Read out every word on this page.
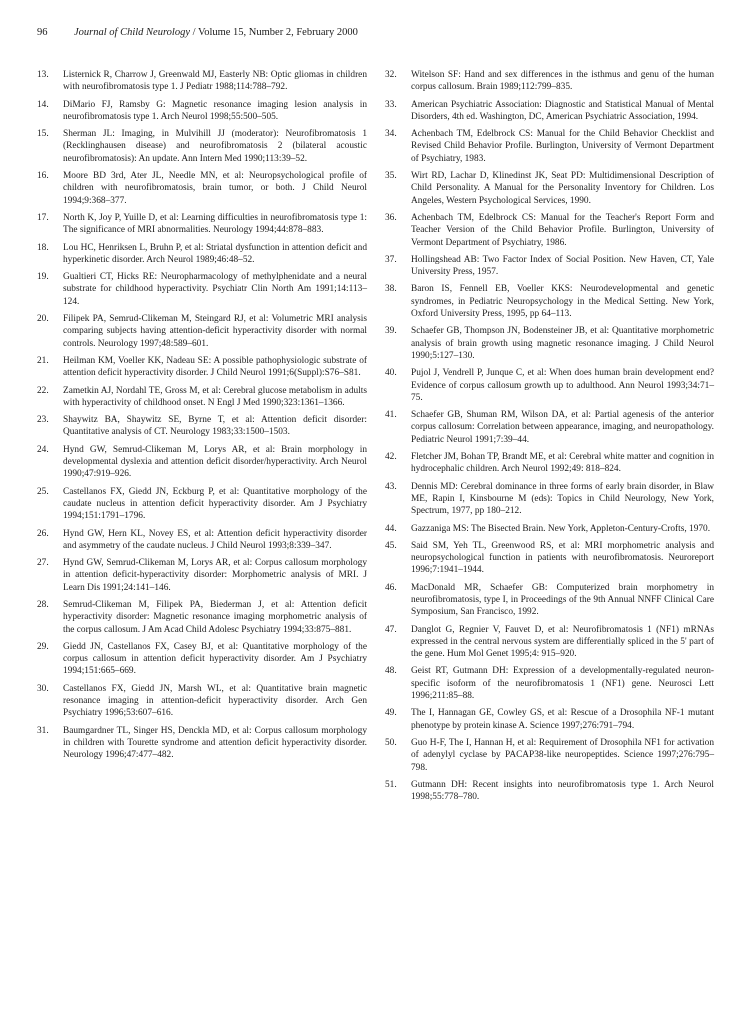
96	Journal of Child Neurology / Volume 15, Number 2, February 2000
13.	Listernick R, Charrow J, Greenwald MJ, Easterly NB: Optic gliomas in children with neurofibromatosis type 1. J Pediatr 1988;114:788–792.
14.	DiMario FJ, Ramsby G: Magnetic resonance imaging lesion analysis in neurofibromatosis type 1. Arch Neurol 1998;55:500–505.
15.	Sherman JL: Imaging, in Mulvihill JJ (moderator): Neurofibromatosis 1 (Recklinghausen disease) and neurofibromatosis 2 (bilateral acoustic neurofibromatosis): An update. Ann Intern Med 1990;113:39–52.
16.	Moore BD 3rd, Ater JL, Needle MN, et al: Neuropsychological profile of children with neurofibromatosis, brain tumor, or both. J Child Neurol 1994;9:368–377.
17.	North K, Joy P, Yuille D, et al: Learning difficulties in neurofibromatosis type 1: The significance of MRI abnormalities. Neurology 1994;44:878–883.
18.	Lou HC, Henriksen L, Bruhn P, et al: Striatal dysfunction in attention deficit and hyperkinetic disorder. Arch Neurol 1989;46:48–52.
19.	Gualtieri CT, Hicks RE: Neuropharmacology of methylphenidate and a neural substrate for childhood hyperactivity. Psychiatr Clin North Am 1991;14:113–124.
20.	Filipek PA, Semrud-Clikeman M, Steingard RJ, et al: Volumetric MRI analysis comparing subjects having attention-deficit hyperactivity disorder with normal controls. Neurology 1997;48:589–601.
21.	Heilman KM, Voeller KK, Nadeau SE: A possible pathophysiologic substrate of attention deficit hyperactivity disorder. J Child Neurol 1991;6(Suppl):S76–S81.
22.	Zametkin AJ, Nordahl TE, Gross M, et al: Cerebral glucose metabolism in adults with hyperactivity of childhood onset. N Engl J Med 1990;323:1361–1366.
23.	Shaywitz BA, Shaywitz SE, Byrne T, et al: Attention deficit disorder: Quantitative analysis of CT. Neurology 1983;33:1500–1503.
24.	Hynd GW, Semrud-Clikeman M, Lorys AR, et al: Brain morphology in developmental dyslexia and attention deficit disorder/hyperactivity. Arch Neurol 1990;47:919–926.
25.	Castellanos FX, Giedd JN, Eckburg P, et al: Quantitative morphology of the caudate nucleus in attention deficit hyperactivity disorder. Am J Psychiatry 1994;151:1791–1796.
26.	Hynd GW, Hern KL, Novey ES, et al: Attention deficit hyperactivity disorder and asymmetry of the caudate nucleus. J Child Neurol 1993;8:339–347.
27.	Hynd GW, Semrud-Clikeman M, Lorys AR, et al: Corpus callosum morphology in attention deficit-hyperactivity disorder: Morphometric analysis of MRI. J Learn Dis 1991;24:141–146.
28.	Semrud-Clikeman M, Filipek PA, Biederman J, et al: Attention deficit hyperactivity disorder: Magnetic resonance imaging morphometric analysis of the corpus callosum. J Am Acad Child Adolesc Psychiatry 1994;33:875–881.
29.	Giedd JN, Castellanos FX, Casey BJ, et al: Quantitative morphology of the corpus callosum in attention deficit hyperactivity disorder. Am J Psychiatry 1994;151:665–669.
30.	Castellanos FX, Giedd JN, Marsh WL, et al: Quantitative brain magnetic resonance imaging in attention-deficit hyperactivity disorder. Arch Gen Psychiatry 1996;53:607–616.
31.	Baumgardner TL, Singer HS, Denckla MD, et al: Corpus callosum morphology in children with Tourette syndrome and attention deficit hyperactivity disorder. Neurology 1996;47:477–482.
32.	Witelson SF: Hand and sex differences in the isthmus and genu of the human corpus callosum. Brain 1989;112:799–835.
33.	American Psychiatric Association: Diagnostic and Statistical Manual of Mental Disorders, 4th ed. Washington, DC, American Psychiatric Association, 1994.
34.	Achenbach TM, Edelbrock CS: Manual for the Child Behavior Checklist and Revised Child Behavior Profile. Burlington, University of Vermont Department of Psychiatry, 1983.
35.	Wirt RD, Lachar D, Klinedinst JK, Seat PD: Multidimensional Description of Child Personality. A Manual for the Personality Inventory for Children. Los Angeles, Western Psychological Services, 1990.
36.	Achenbach TM, Edelbrock CS: Manual for the Teacher's Report Form and Teacher Version of the Child Behavior Profile. Burlington, University of Vermont Department of Psychiatry, 1986.
37.	Hollingshead AB: Two Factor Index of Social Position. New Haven, CT, Yale University Press, 1957.
38.	Baron IS, Fennell EB, Voeller KKS: Neurodevelopmental and genetic syndromes, in Pediatric Neuropsychology in the Medical Setting. New York, Oxford University Press, 1995, pp 64–113.
39.	Schaefer GB, Thompson JN, Bodensteiner JB, et al: Quantitative morphometric analysis of brain growth using magnetic resonance imaging. J Child Neurol 1990;5:127–130.
40.	Pujol J, Vendrell P, Junque C, et al: When does human brain development end? Evidence of corpus callosum growth up to adulthood. Ann Neurol 1993;34:71–75.
41.	Schaefer GB, Shuman RM, Wilson DA, et al: Partial agenesis of the anterior corpus callosum: Correlation between appearance, imaging, and neuropathology. Pediatric Neurol 1991;7:39–44.
42.	Fletcher JM, Bohan TP, Brandt ME, et al: Cerebral white matter and cognition in hydrocephalic children. Arch Neurol 1992;49: 818–824.
43.	Dennis MD: Cerebral dominance in three forms of early brain disorder, in Blaw ME, Rapin I, Kinsbourne M (eds): Topics in Child Neurology, New York, Spectrum, 1977, pp 180–212.
44.	Gazzaniga MS: The Bisected Brain. New York, Appleton-Century-Crofts, 1970.
45.	Said SM, Yeh TL, Greenwood RS, et al: MRI morphometric analysis and neuropsychological function in patients with neurofibromatosis. Neuroreport 1996;7:1941–1944.
46.	MacDonald MR, Schaefer GB: Computerized brain morphometry in neurofibromatosis, type I, in Proceedings of the 9th Annual NNFF Clinical Care Symposium, San Francisco, 1992.
47.	Danglot G, Regnier V, Fauvet D, et al: Neurofibromatosis 1 (NF1) mRNAs expressed in the central nervous system are differentially spliced in the 5' part of the gene. Hum Mol Genet 1995;4: 915–920.
48.	Geist RT, Gutmann DH: Expression of a developmentally-regulated neuron-specific isoform of the neurofibromatosis 1 (NF1) gene. Neurosci Lett 1996;211:85–88.
49.	The I, Hannagan GE, Cowley GS, et al: Rescue of a Drosophila NF-1 mutant phenotype by protein kinase A. Science 1997;276:791–794.
50.	Guo H-F, The I, Hannan H, et al: Requirement of Drosophila NF1 for activation of adenylyl cyclase by PACAP38-like neuropeptides. Science 1997;276:795–798.
51.	Gutmann DH: Recent insights into neurofibromatosis type 1. Arch Neurol 1998;55:778–780.
